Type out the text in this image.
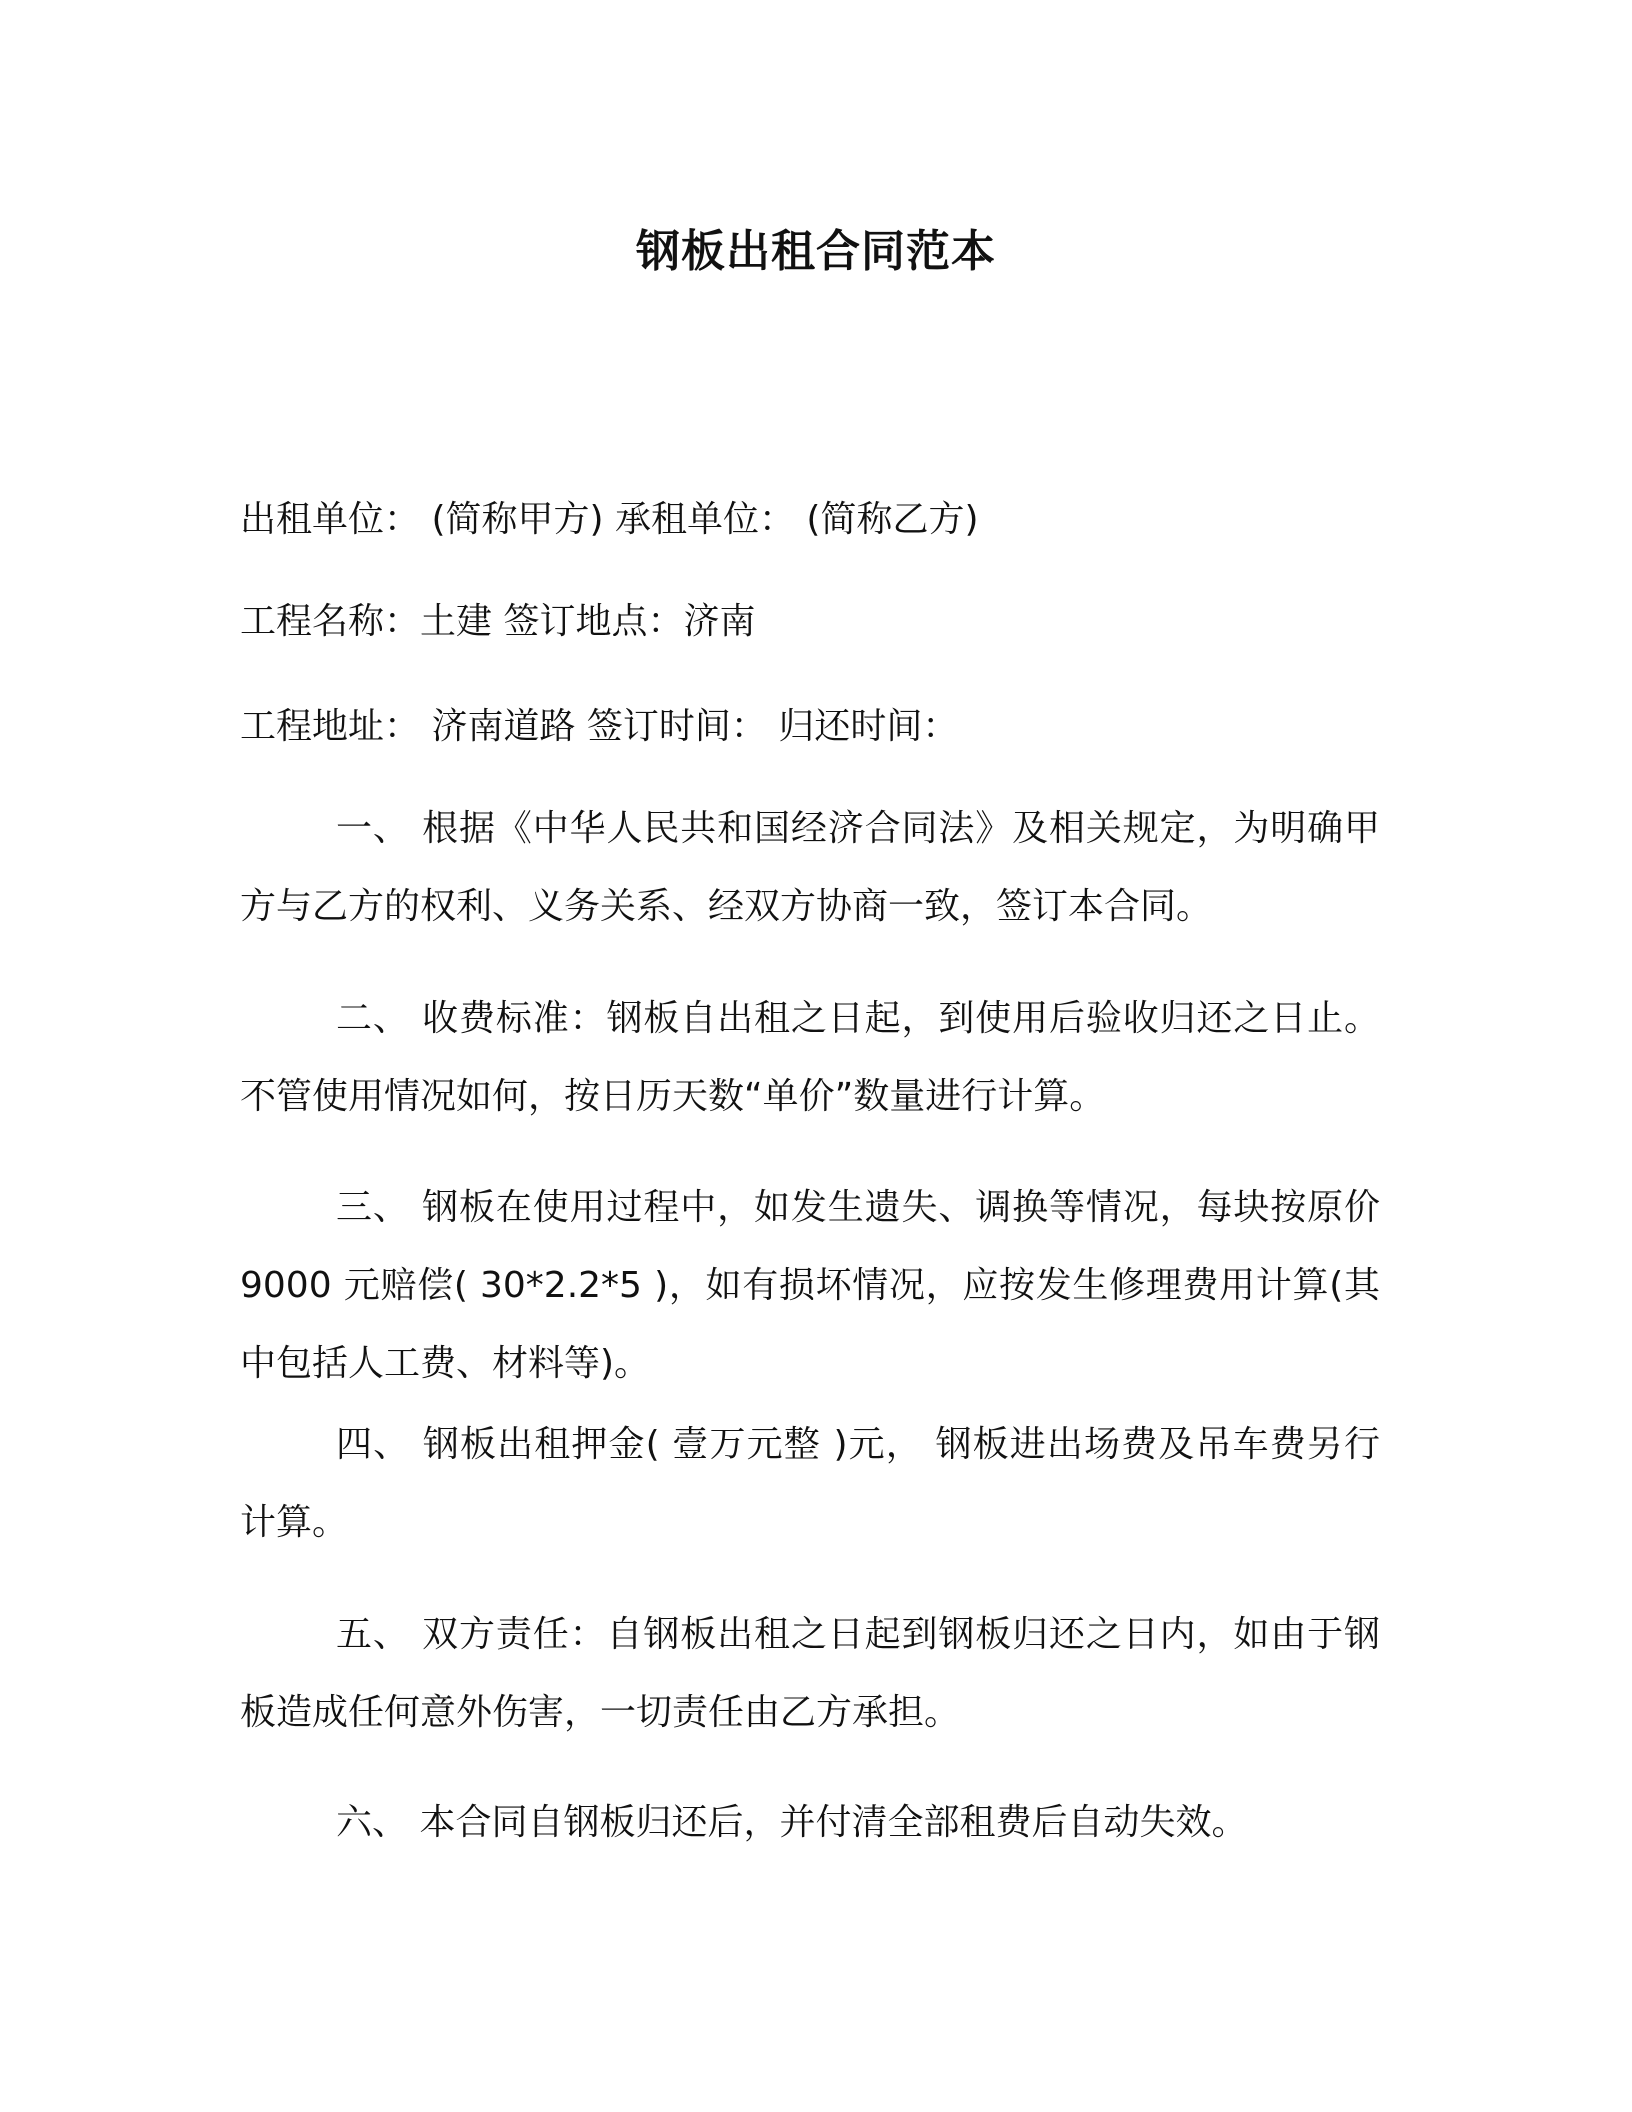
钢板出租合同范本
出租单位： (简称甲方) 承租单位： (简称乙方)
工程名称：土建 签订地点：济南
工程地址： 济南道路 签订时间： 归还时间：
一、 根据《中华人民共和国经济合同法》及相关规定，为明确甲方与乙方的权利、义务关系、经双方协商一致，签订本合同。
二、 收费标准：钢板自出租之日起，到使用后验收归还之日止。不管使用情况如何，按日历天数“单价”数量进行计算。
三、 钢板在使用过程中，如发生遗失、调换等情况，每块按原价9000 元赔偿( 30*2.2*5 )，如有损坏情况，应按发生修理费用计算(其中包括人工费、材料等)。
四、 钢板出租押金( 壹万元整 )元， 钢板进出场费及吊车费另行计算。
五、 双方责任：自钢板出租之日起到钢板归还之日内，如由于钢板造成任何意外伤害，一切责任由乙方承担。
六、 本合同自钢板归还后，并付清全部租费后自动失效。
